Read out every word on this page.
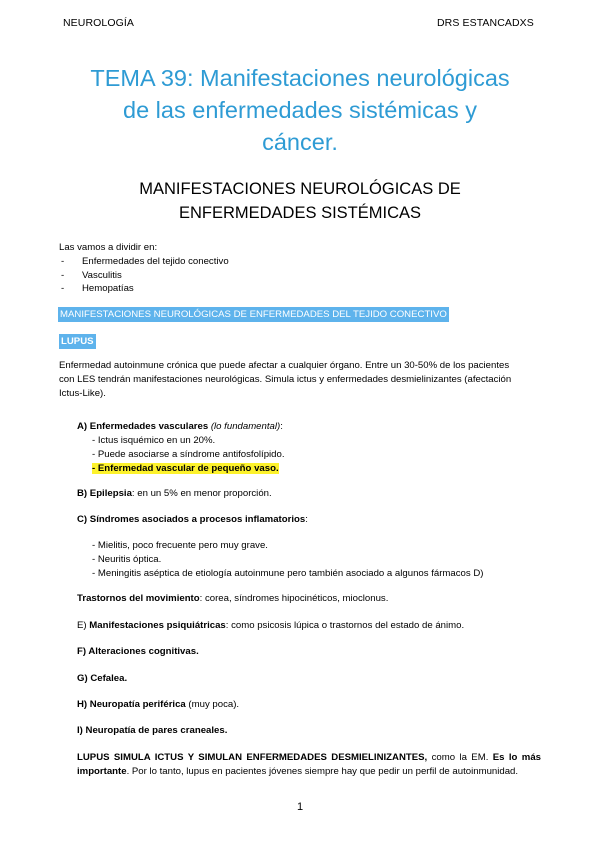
NEUROLOGÍA	DRS ESTANCADXS
TEMA 39: Manifestaciones neurológicas
de las enfermedades sistémicas y
cáncer.
MANIFESTACIONES NEUROLÓGICAS DE
ENFERMEDADES SISTÉMICAS
Las vamos a dividir en:
- Enfermedades del tejido conectivo
- Vasculitis
- Hemopatías
MANIFESTACIONES NEUROLÓGICAS DE ENFERMEDADES DEL TEJIDO CONECTIVO
LUPUS
Enfermedad autoinmune crónica que puede afectar a cualquier órgano. Entre un 30-50% de los pacientes
con LES tendrán manifestaciones neurológicas. Simula ictus y enfermedades desmielinizantes (afectación
Ictus-Like).
A) Enfermedades vasculares (lo fundamental):
- Ictus isquémico en un 20%.
- Puede asociarse a síndrome antifosfolípido.
- Enfermedad vascular de pequeño vaso.
B) Epilepsia: en un 5% en menor proporción.
C) Síndromes asociados a procesos inflamatorios:
- Mielitis, poco frecuente pero muy grave.
- Neuritis óptica.
- Meningitis aséptica de etiología autoinmune pero también asociado a algunos fármacos D)
Trastornos del movimiento: corea, síndromes hipocinéticos, mioclonus.
E) Manifestaciones psiquiátricas: como psicosis lúpica o trastornos del estado de ánimo.
F) Alteraciones cognitivas.
G) Cefalea.
H) Neuropatía periférica (muy poca).
I) Neuropatía de pares craneales.
LUPUS SIMULA ICTUS Y SIMULAN ENFERMEDADES DESMIELINIZANTES, como la EM. Es lo más
importante. Por lo tanto, lupus en pacientes jóvenes siempre hay que pedir un perfil de autoinmunidad.
1
